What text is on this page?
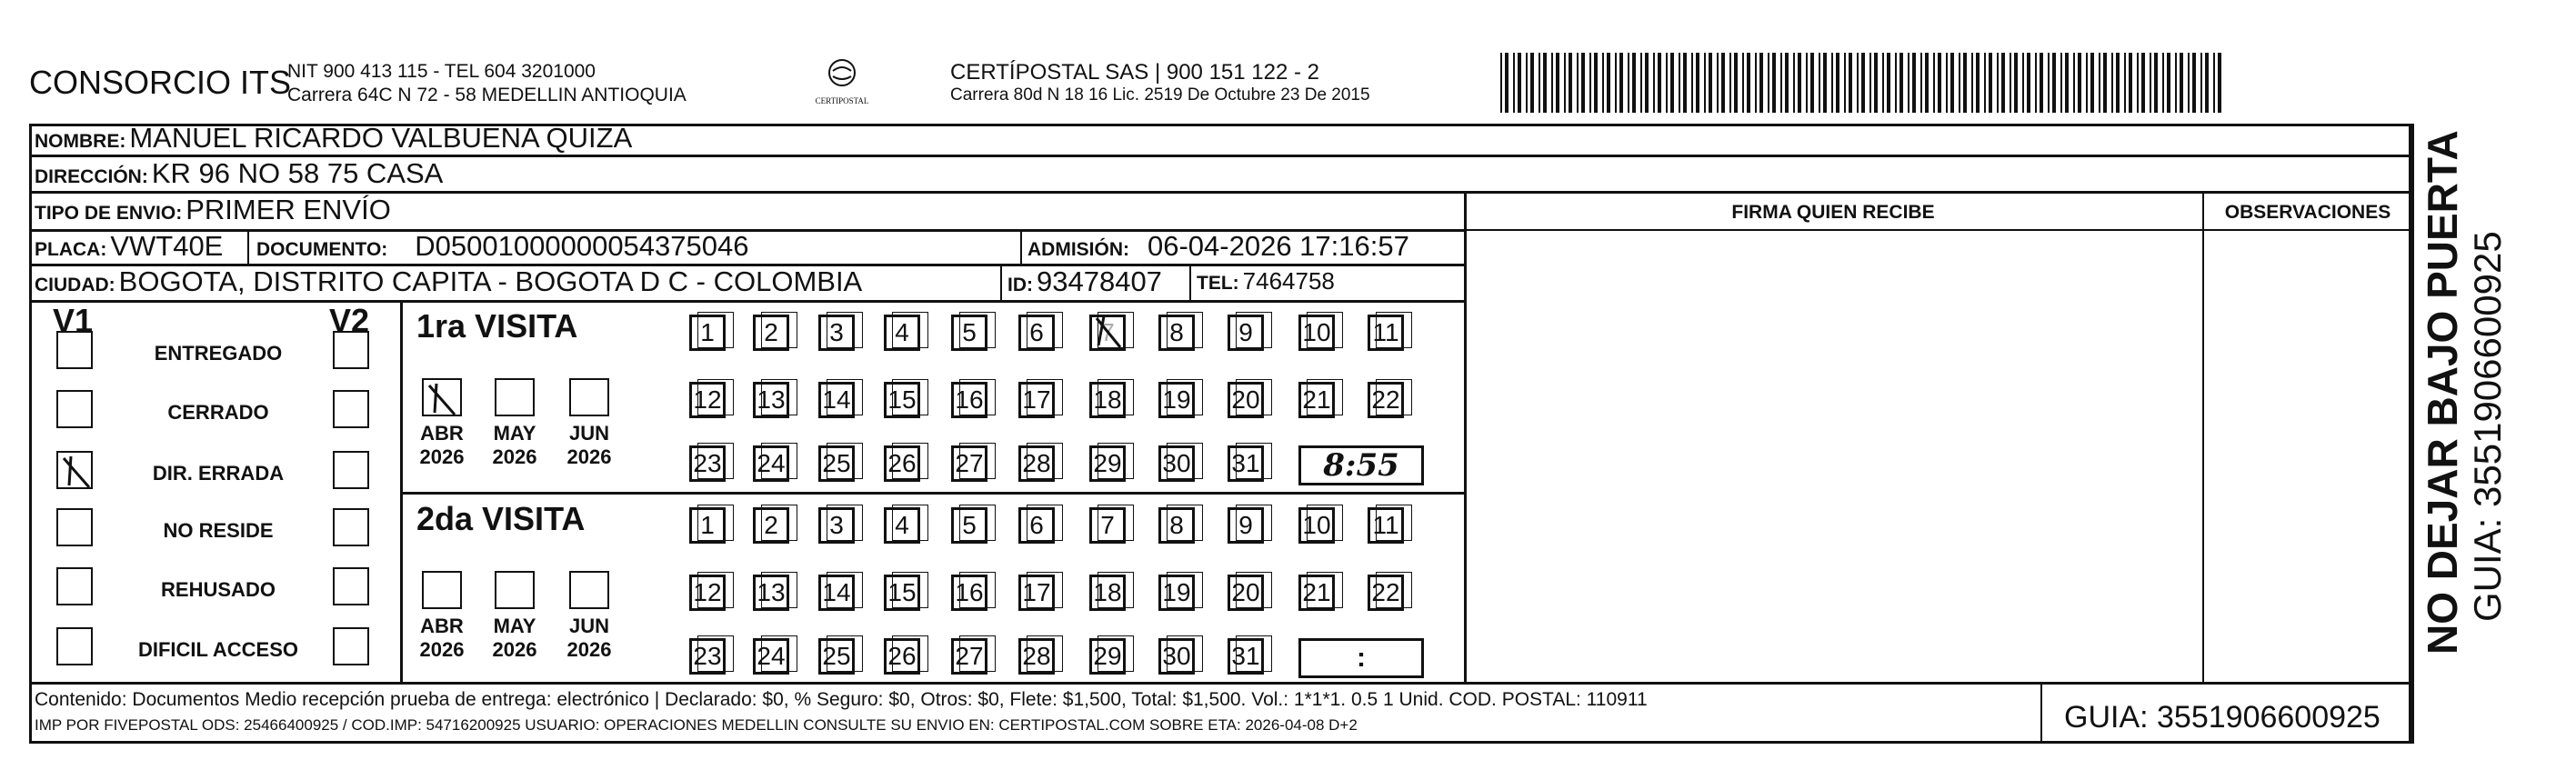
CONSORCIO ITS
NIT 900 413 115 - TEL 604 3201000
Carrera 64C N 72 - 58 MEDELLIN ANTIOQUIA	CERTIPOSTAL
CERTÍPOSTAL SAS | 900 151 122 - 2
Carrera 80d N 18 16 Lic. 2519 De Octubre 23 De 2015
NOMBRE: MANUEL RICARDO VALBUENA QUIZA
DIRECCIÓN: KR 96 NO 58 75 CASA
TIPO DE ENVIO: PRIMER ENVÍO	FIRMA QUIEN RECIBE	OBSERVACIONES
PLACA: VWT40E DOCUMENTO: D05001000000054375046	ADMISIÓN: 06-04-2026 17:16:57
CIUDAD: BOGOTA, DISTRITO CAPITA - BOGOTA D C - COLOMBIA	ID: 93478407 TEL: 7464758
V1	V2
ENTREGADO
CERRADO
DIR. ERRADA
NO RESIDE
REHUSADO
DIFICIL ACCESO
1ra VISITA
ABR
2026
MAY
2026
JUN
2026
1 2 3 4 5 6 7 8 9 10 11
12 13 14 15 16 17 18 19 20 21 22
23 24 25 26 27 28 29 30 31	8:55
2da VISITA
ABR
2026
MAY
2026
JUN
2026
1 2 3 4 5 6 7 8 9 10 11
12 13 14 15 16 17 18 19 20 21 22
23 24 25 26 27 28 29 30 31	:
Contenido: Documentos Medio recepción prueba de entrega: electrónico | Declarado: $0, % Seguro: $0, Otros: $0, Flete: $1,500, Total: $1,500. Vol.: 1*1*1. 0.5 1 Unid. COD. POSTAL: 110911
IMP POR FIVEPOSTAL ODS: 25466400925 / COD.IMP: 54716200925 USUARIO: OPERACIONES MEDELLIN CONSULTE SU ENVIO EN: CERTIPOSTAL.COM SOBRE ETA: 2026-04-08 D+2	GUIA: 3551906600925
NO DEJAR BAJO PUERTA GUIA: 3551906600925
